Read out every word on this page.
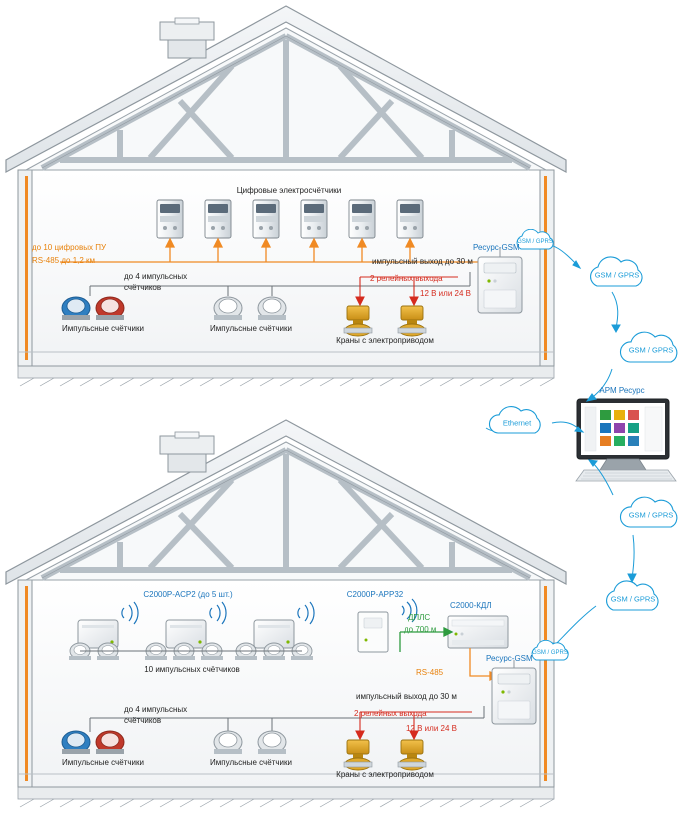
GSM / GPRS
GSM / GPRS
GSM / GPRS
Ethernet
GSM / GPRS
GSM / GPRS
GSM / GPRS
Цифровые электросчётчики
до 10 цифровых ПУ
RS-485 до 1,2 км
до 4 импульсных
счётчиков
импульсный выход до 30 м
2 релейных выхода
12 В или 24 В
Импульсные счётчики	Импульсные счётчики
Краны с электроприводом
Ресурс-GSM
АРМ Ресурс
С2000Р-АСР2 (до 5 шт.)	С2000Р-АРР32
С2000-КДЛ
ДПЛС
до 700 м
RS-485
10 импульсных счётчиков
до 4 импульсных
счётчиков
импульсный выход до 30 м
2 релейных выхода
12 В или 24 В
Импульсные счётчики	Импульсные счётчики
Краны с электроприводом
Ресурс-GSM
